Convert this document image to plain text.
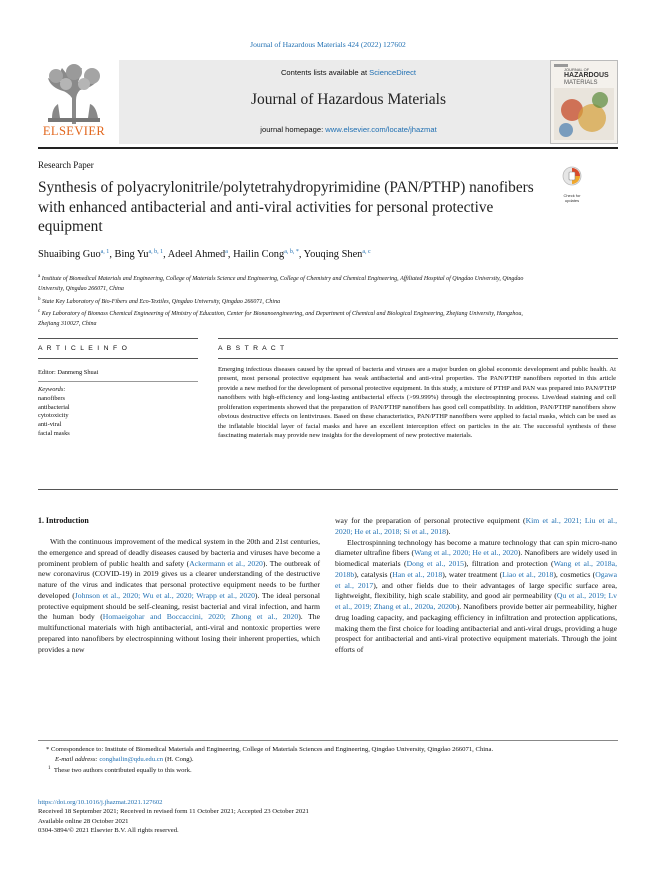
Journal of Hazardous Materials 424 (2022) 127602
ELSEVIER
Contents lists available at ScienceDirect
Journal of Hazardous Materials
journal homepage: www.elsevier.com/locate/jhazmat
JOURNAL OF
HAZARDOUS
MATERIALS
Research Paper
Synthesis of polyacrylonitrile/polytetrahydropyrimidine (PAN/PTHP) nanofibers with enhanced antibacterial and anti-viral activities for personal protective equipment
Check for updates
Shuaibing Guo$^{a, 1}$, Bing Yu$^{a, b, 1}$, Adeel Ahmed$^a$, Hailin Cong$^{a, b, *}$, Youqing Shen$^{a, c}$
$^a$ Institute of Biomedical Materials and Engineering, College of Materials Science and Engineering, College of Chemistry and Chemical Engineering, Affiliated Hospital of Qingdao University, Qingdao University, Qingdao 266071, China
$^b$ State Key Laboratory of Bio-Fibers and Eco-Textiles, Qingdao University, Qingdao 266071, China
$^c$ Key Laboratory of Biomass Chemical Engineering of Ministry of Education, Center for Bionanoengineering, and Department of Chemical and Biological Engineering, Zhejiang University, Hangzhou, Zhejiang 310027, China
A R T I C L E I N F O	A B S T R A C T
Editor: Danmeng Shuai
Keywords:
nanofibers
antibacterial
cytotoxicity
anti-viral
facial masks
Emerging infectious diseases caused by the spread of bacteria and viruses are a major burden on global economic development and public health. At present, most personal protective equipment has weak antibacterial and anti-viral properties. The PAN/PTHP nanofibers reported in this article provide a new method for the development of personal protective equipment. In this study, a mixture of PTHP and PAN was prepared into PAN/PTHP nanofibers with high-efficiency and long-lasting antibacterial effects (>99.999%) through the electrospinning process. Live/dead staining and cell proliferation experiments showed that the preparation of PAN/PTHP nanofibers has good cell compatibility. In addition, PAN/PTHP nanofibers show obvious destructive effects on lentiviruses. Based on these characteristics, PAN/PTHP nanofibers were applied to facial masks, which can be used as the inflatable biocidal layer of facial masks and have an excellent interception effect on particles in the air. The successful synthesis of these fascinating materials may provide new insights for the development of new protective materials.
1. Introduction

With the continuous improvement of the medical system in the 20th and 21st centuries, the emergence and spread of deadly diseases caused by bacteria and viruses have become a prominent problem of public health and safety (Ackermann et al., 2020). The outbreak of new coronavirus (COVID-19) in 2019 gives us a clearer understanding of the destructive nature of the virus and indicates that personal protective equipment needs to be further developed (Johnson et al., 2020; Wu et al., 2020; Wrapp et al., 2020). The ideal personal protective equipment should be self-cleaning, resist bacterial and viral infection, and harm the human body (Homaeigohar and Boccaccini, 2020; Zhong et al., 2020). The multifunctional materials with high antibacterial, anti-viral and nontoxic properties were prepared into nanofibers by electrospinning without losing their inherent properties, which provides a new

way for the preparation of personal protective equipment (Kim et al., 2021; Liu et al., 2020; He et al., 2018; Si et al., 2018).

Electrospinning technology has become a mature technology that can spin micro-nano diameter ultrafine fibers (Wang et al., 2020; He et al., 2020). Nanofibers are widely used in biomedical materials (Dong et al., 2015), filtration and protection (Wang et al., 2018a, 2018b), catalysis (Han et al., 2018), water treatment (Liao et al., 2018), cosmetics (Ogawa et al., 2017), and other fields due to their advantages of large specific surface area, lightweight, flexibility, high scale stability, and good air permeability (Qu et al., 2019; Lv et al., 2019; Zhang et al., 2020a, 2020b). Nanofibers provide better air permeability, higher drug loading capacity, and packaging efficiency in infiltration and protection applications, making them the first choice for loading antibacterial and anti-viral drugs, providing a huge prospect for antibacterial and anti-viral protective equipment materials. Through the joint efforts of

* Correspondence to: Institute of Biomedical Materials and Engineering, College of Materials Sciences and Engineering, Qingdao University, Qingdao 266071, China.
E-mail address: conghailin@qdu.edu.cn (H. Cong).
$^1$ These two authors contributed equally to this work.
https://doi.org/10.1016/j.jhazmat.2021.127602
Received 18 September 2021; Received in revised form 11 October 2021; Accepted 23 October 2021
Available online 28 October 2021
0304-3894/© 2021 Elsevier B.V. All rights reserved.
